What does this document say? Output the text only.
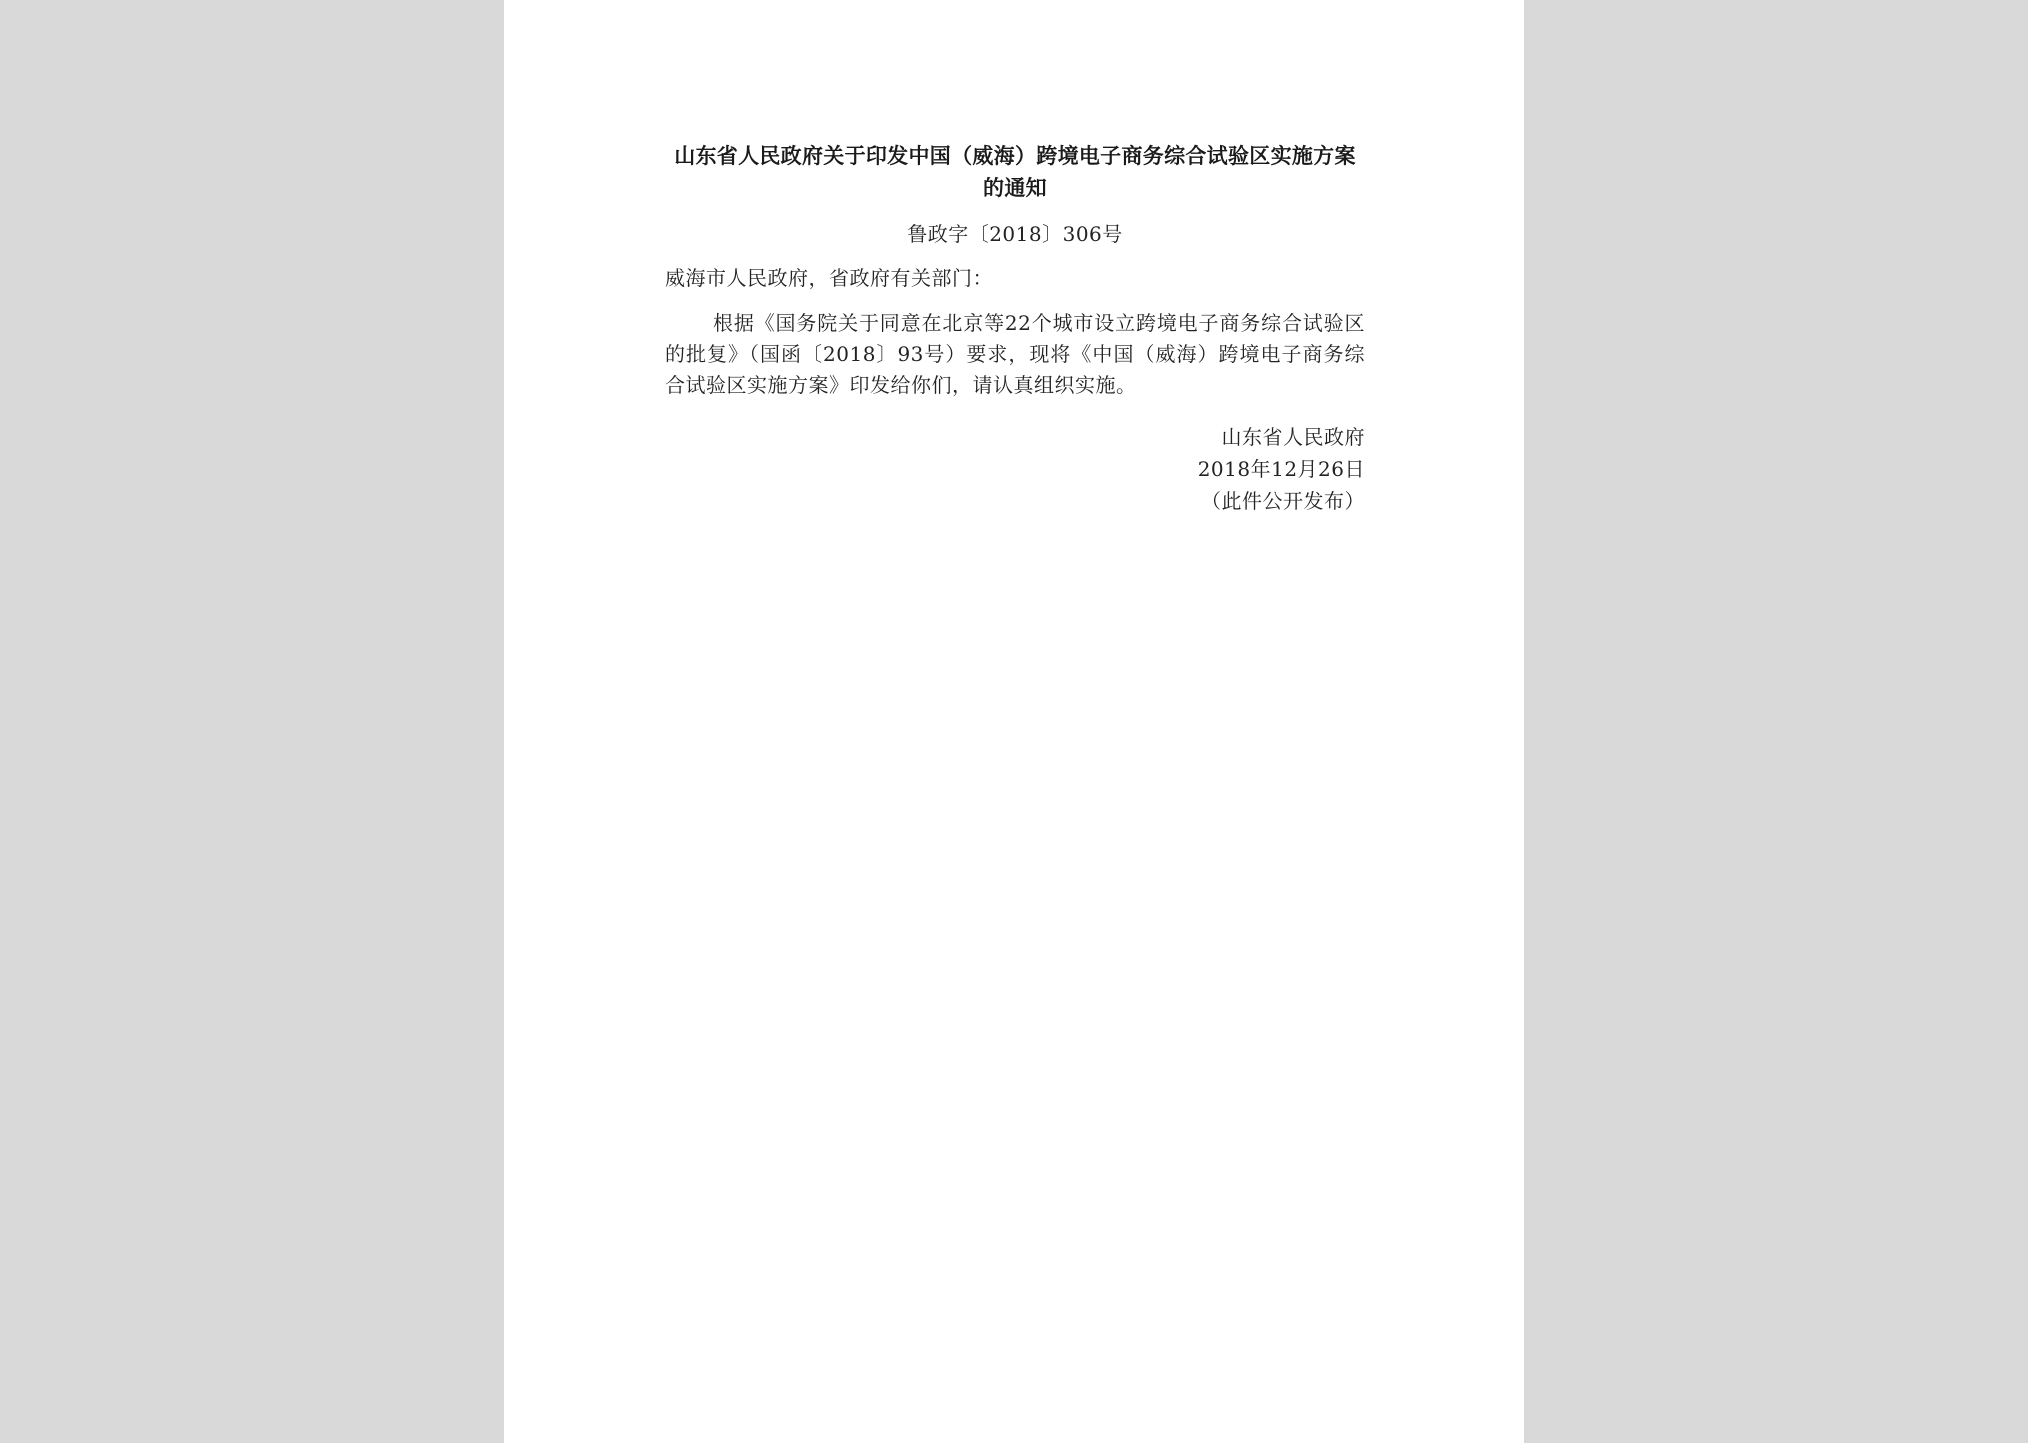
山东省人民政府关于印发中国（威海）跨境电子商务综合试验区实施方案的通知
鲁政字〔2018〕306号
威海市人民政府，省政府有关部门：

根据《国务院关于同意在北京等22个城市设立跨境电子商务综合试验区的批复》（国函〔2018〕93号）要求，现将《中国（威海）跨境电子商务综合试验区实施方案》印发给你们，请认真组织实施。

山东省人民政府
2018年12月26日
（此件公开发布）
